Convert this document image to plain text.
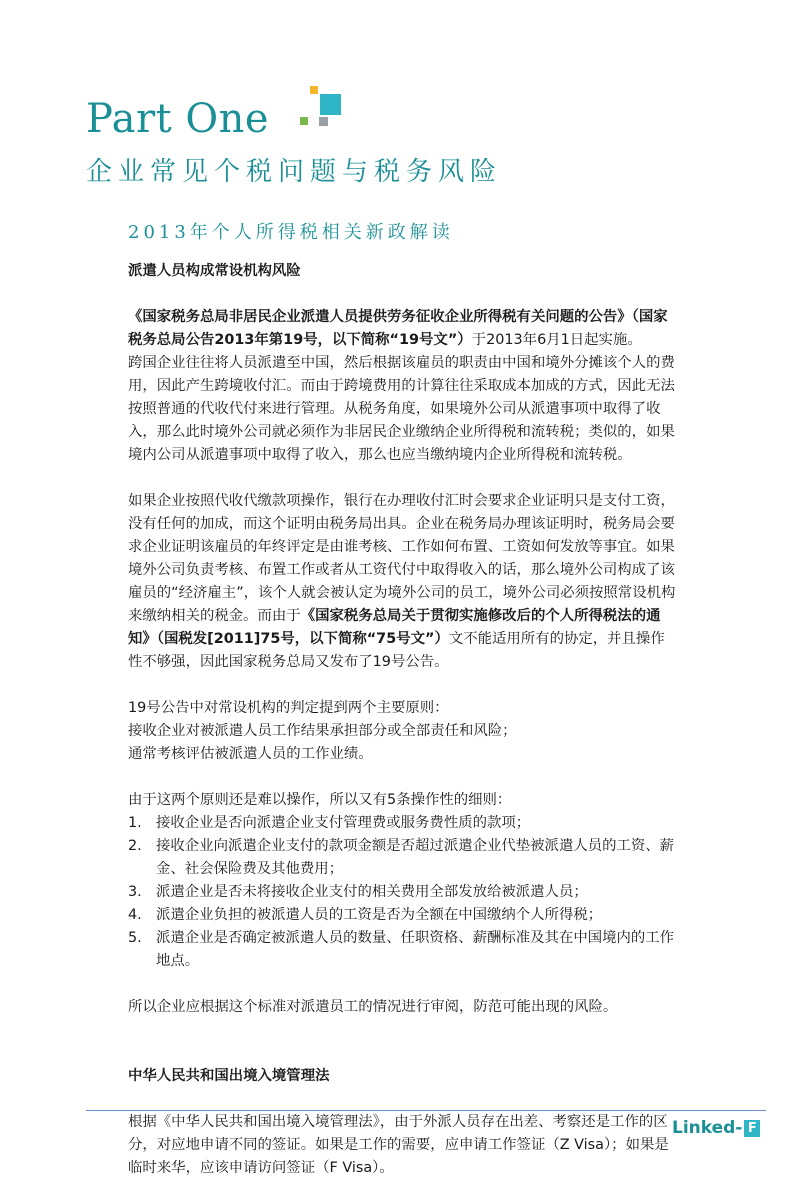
Part One
企业常见个税问题与税务风险
2013年个人所得税相关新政解读

派遣人员构成常设机构风险

《国家税务总局非居民企业派遣人员提供劳务征收企业所得税有关问题的公告》（国家税务总局公告2013年第19号，以下简称“19号文”）于2013年6月1日起实施。

跨国企业往往将人员派遣至中国，然后根据该雇员的职责由中国和境外分摊该个人的费用，因此产生跨境收付汇。而由于跨境费用的计算往往采取成本加成的方式，因此无法按照普通的代收代付来进行管理。从税务角度，如果境外公司从派遣事项中取得了收入，那么此时境外公司就必须作为非居民企业缴纳企业所得税和流转税；类似的，如果境内公司从派遣事项中取得了收入，那么也应当缴纳境内企业所得税和流转税。

如果企业按照代收代缴款项操作，银行在办理收付汇时会要求企业证明只是支付工资，没有任何的加成，而这个证明由税务局出具。企业在税务局办理该证明时，税务局会要求企业证明该雇员的年终评定是由谁考核、工作如何布置、工资如何发放等事宜。如果境外公司负责考核、布置工作或者从工资代付中取得收入的话，那么境外公司构成了该雇员的“经济雇主”，该个人就会被认定为境外公司的员工，境外公司必须按照常设机构来缴纳相关的税金。而由于《国家税务总局关于贯彻实施修改后的个人所得税法的通知》（国税发[2011]75号，以下简称“75号文”）文不能适用所有的协定，并且操作性不够强，因此国家税务总局又发布了19号公告。

19号公告中对常设机构的判定提到两个主要原则：

接收企业对被派遣人员工作结果承担部分或全部责任和风险；

通常考核评估被派遣人员的工作业绩。

由于这两个原则还是难以操作，所以又有5条操作性的细则：

1. 接收企业是否向派遣企业支付管理费或服务费性质的款项；
2. 接收企业向派遣企业支付的款项金额是否超过派遣企业代垫被派遣人员的工资、薪金、社会保险费及其他费用；
3. 派遣企业是否未将接收企业支付的相关费用全部发放给被派遣人员；
4. 派遣企业负担的被派遣人员的工资是否为全额在中国缴纳个人所得税；
5. 派遣企业是否确定被派遣人员的数量、任职资格、薪酬标准及其在中国境内的工作地点。

所以企业应根据这个标准对派遣员工的情况进行审阅，防范可能出现的风险。

中华人民共和国出境入境管理法

根据《中华人民共和国出境入境管理法》，由于外派人员存在出差、考察还是工作的区分，对应地申请不同的签证。如果是工作的需要，应申请工作签证（Z Visa）；如果是临时来华，应该申请访问签证（F Visa）。

Linked- F
